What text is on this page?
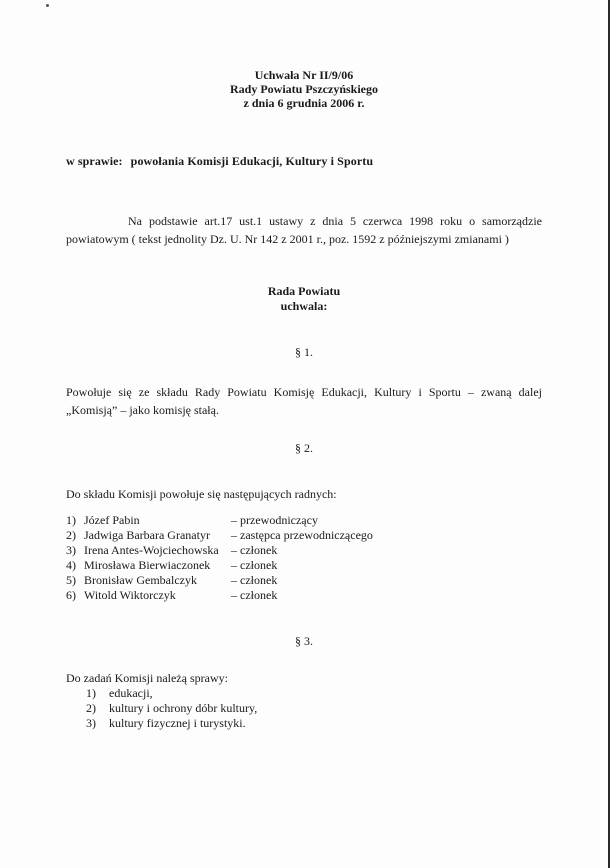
Uchwała Nr II/9/06
Rady Powiatu Pszczyńskiego
z dnia 6 grudnia 2006 r.
w sprawie: powołania Komisji Edukacji, Kultury i Sportu
Na podstawie art.17 ust.1 ustawy z dnia 5 czerwca 1998 roku o samorządzie
powiatowym ( tekst jednolity Dz. U. Nr 142 z 2001 r., poz. 1592 z późniejszymi zmianami )
Rada Powiatu
uchwala:
§ 1.
Powołuje się ze składu Rady Powiatu Komisję Edukacji, Kultury i Sportu – zwaną dalej
„Komisją” – jako komisję stałą.
§ 2.
Do składu Komisji powołuje się następujących radnych:
1) Józef Pabin	– przewodniczący
2) Jadwiga Barbara Granatyr – zastępca przewodniczącego
3) Irena Antes-Wojciechowska – członek
4) Mirosława Bierwiaczonek – członek
5) Bronisław Gembalczyk	– członek
6) Witold Wiktorczyk	– członek
§ 3.
Do zadań Komisji należą sprawy:
1) edukacji,
2) kultury i ochrony dóbr kultury,
3) kultury fizycznej i turystyki.
